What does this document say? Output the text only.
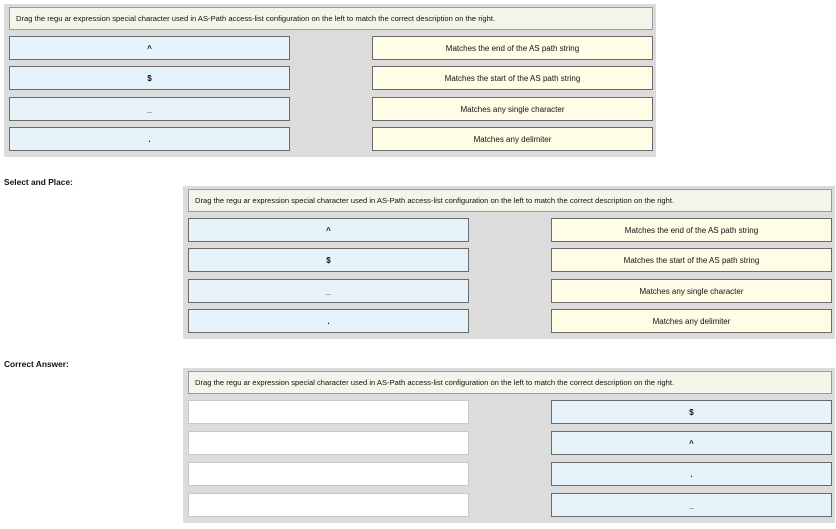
Drag the regu ar expression special character used in AS-Path access-list configuration on the left to match the correct description on the right.
^
$
_
.
Matches the end of the AS path string
Matches the start of the AS path string
Matches any single character
Matches any delimiter
Select and Place:
Drag the regu ar expression special character used in AS-Path access-list configuration on the left to match the correct description on the right.
^
$
_
.
Matches the end of the AS path string
Matches the start of the AS path string
Matches any single character
Matches any delimiter
Correct Answer:
Drag the regu ar expression special character used in AS-Path access-list configuration on the left to match the correct description on the right.
$
^
.
_
